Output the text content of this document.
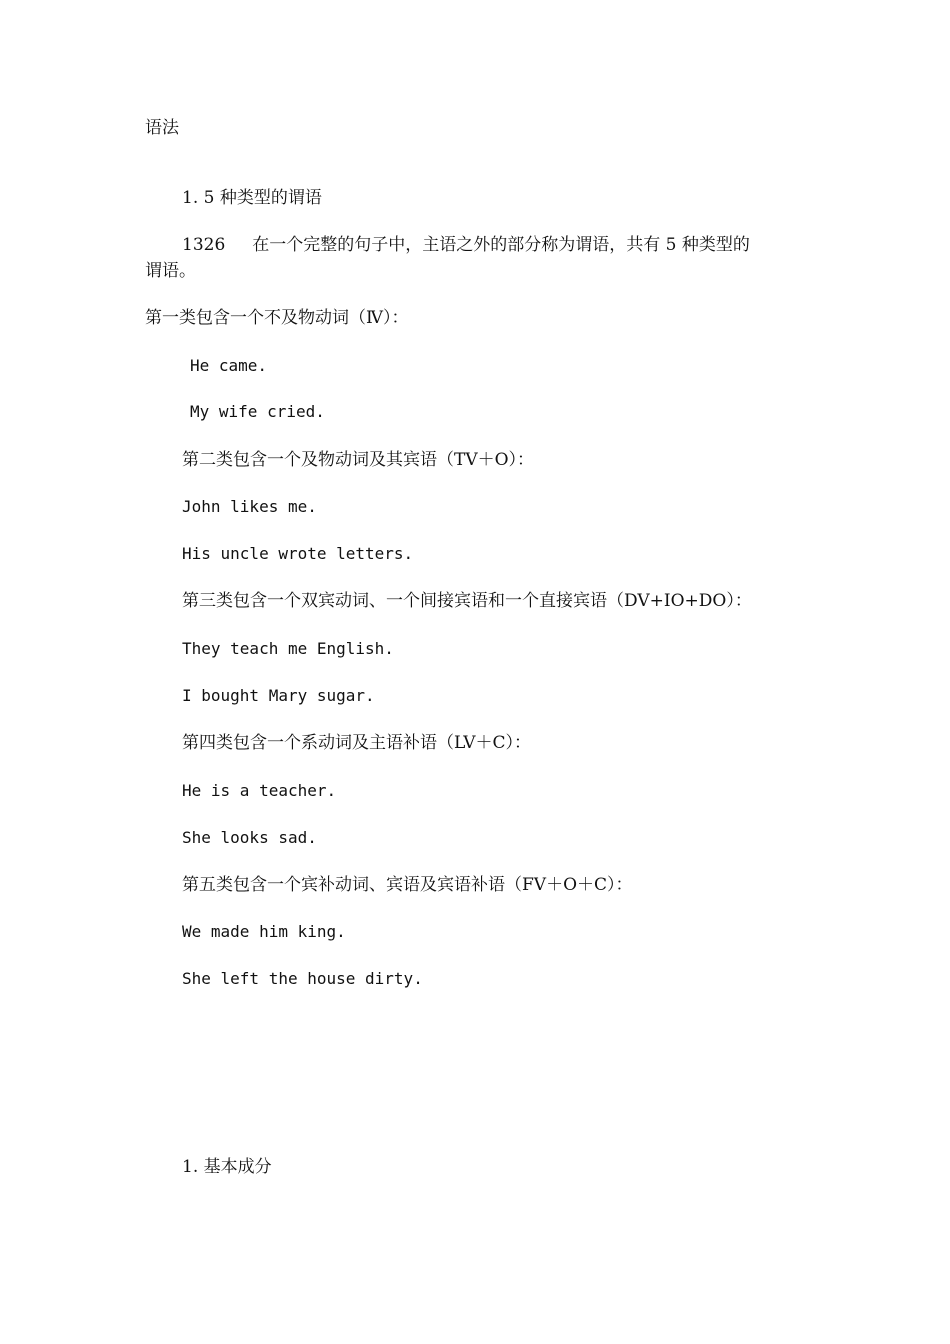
语法

1. 5 种类型的谓语

1326     在一个完整的句子中，主语之外的部分称为谓语，共有 5 种类型的

谓语。

第一类包含一个不及物动词（Ⅳ）：

He came.

My wife cried.

第二类包含一个及物动词及其宾语（TV＋O）：

John likes me.

His uncle wrote letters.

第三类包含一个双宾动词、一个间接宾语和一个直接宾语（DV+IO+DO）：

They teach me English.

I bought Mary sugar.

第四类包含一个系动词及主语补语（LV＋C）：

He is a teacher.

She looks sad.

第五类包含一个宾补动词、宾语及宾语补语（FV＋O＋C）：

We made him king.

She left the house dirty.

1. 基本成分
